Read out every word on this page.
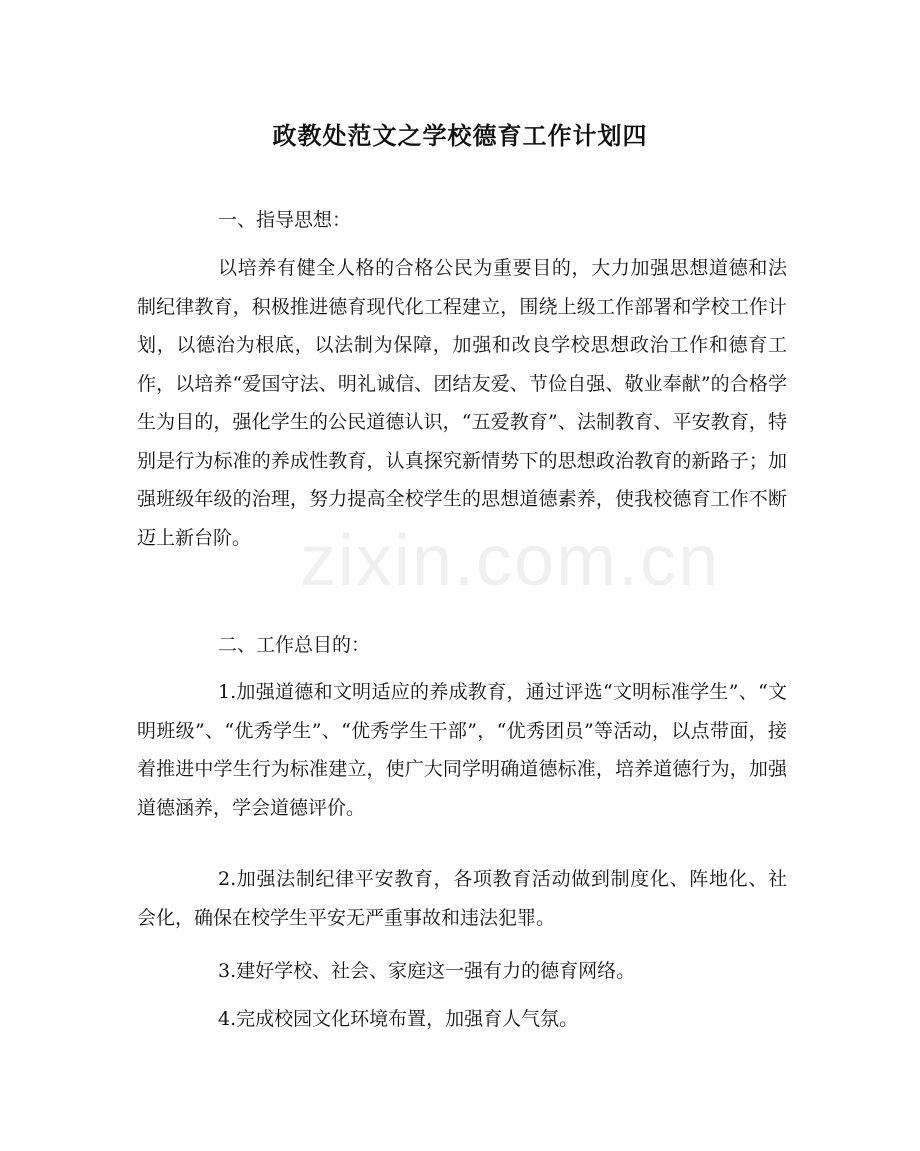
zixin.com.cn
政教处范文之学校德育工作计划四
一、指导思想：
以培养有健全人格的合格公民为重要目的，大力加强思想道德和法制纪律教育，积极推进德育现代化工程建立，围绕上级工作部署和学校工作计划，以德治为根底，以法制为保障，加强和改良学校思想政治工作和德育工作，以培养“爱国守法、明礼诚信、团结友爱、节俭自强、敬业奉献”的合格学生为目的，强化学生的公民道德认识，“五爱教育”、法制教育、平安教育，特别是行为标准的养成性教育，认真探究新情势下的思想政治教育的新路子；加强班级年级的治理，努力提高全校学生的思想道德素养，使我校德育工作不断迈上新台阶。
二、工作总目的：
1.加强道德和文明适应的养成教育，通过评选“文明标准学生”、“文明班级”、“优秀学生”、“优秀学生干部”，“优秀团员”等活动，以点带面，接着推进中学生行为标准建立，使广大同学明确道德标准，培养道德行为，加强道德涵养，学会道德评价。
2.加强法制纪律平安教育，各项教育活动做到制度化、阵地化、社会化，确保在校学生平安无严重事故和违法犯罪。
3.建好学校、社会、家庭这一强有力的德育网络。
4.完成校园文化环境布置，加强育人气氛。
